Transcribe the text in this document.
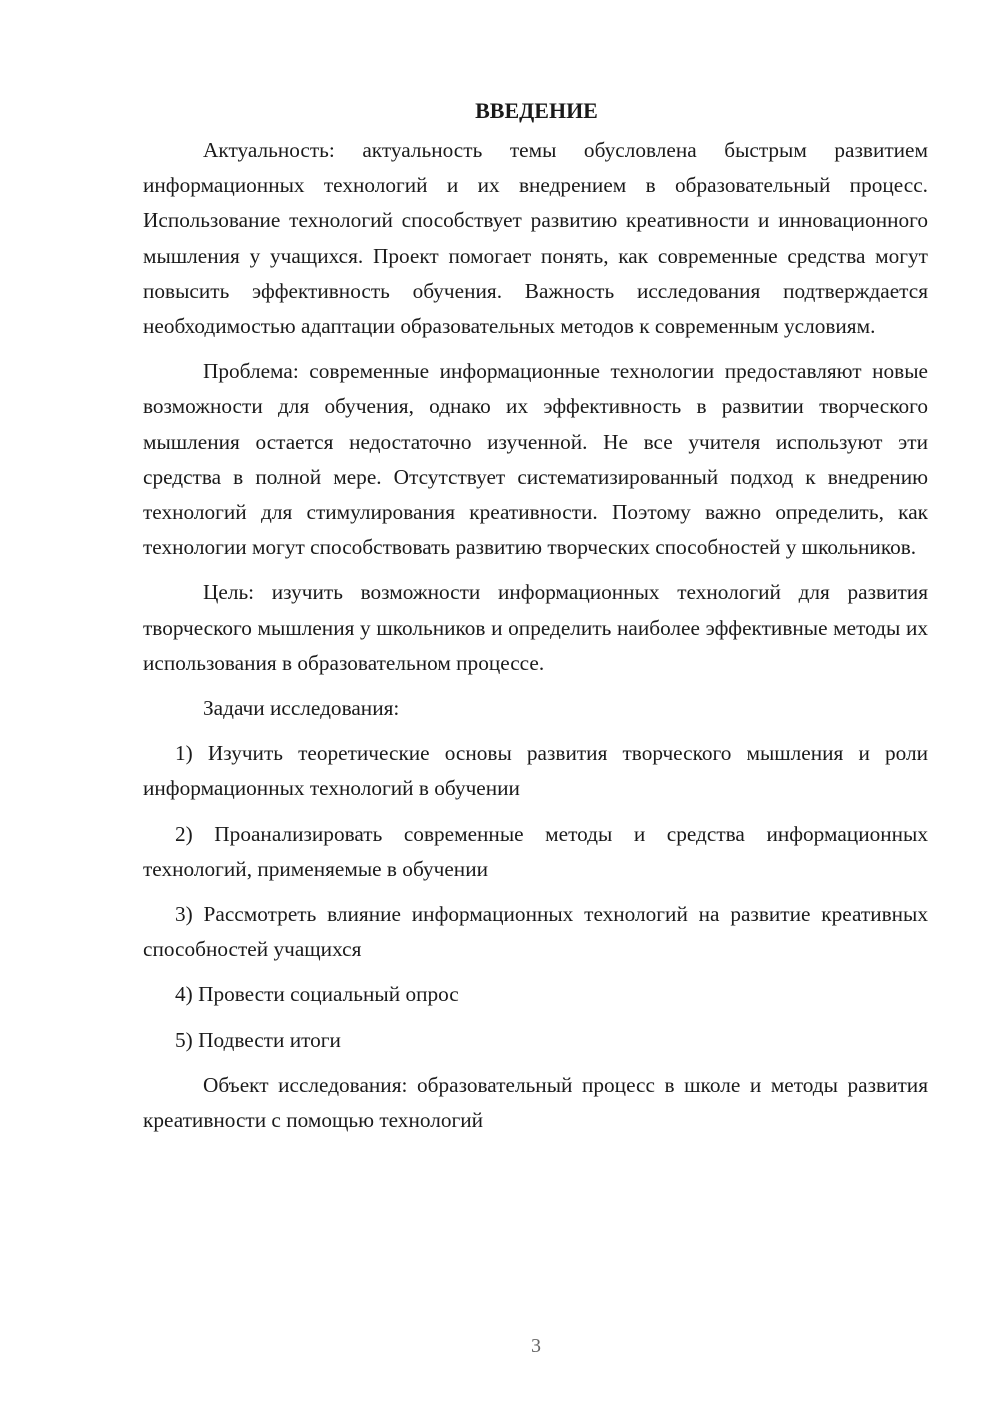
ВВЕДЕНИЕ

Актуальность: актуальность темы обусловлена быстрым развитием информационных технологий и их внедрением в образовательный процесс. Использование технологий способствует развитию креативности и инновационного мышления у учащихся. Проект помогает понять, как современные средства могут повысить эффективность обучения. Важность исследования подтверждается необходимостью адаптации образовательных методов к современным условиям.

Проблема: современные информационные технологии предоставляют новые возможности для обучения, однако их эффективность в развитии творческого мышления остается недостаточно изученной. Не все учителя используют эти средства в полной мере. Отсутствует систематизированный подход к внедрению технологий для стимулирования креативности. Поэтому важно определить, как технологии могут способствовать развитию творческих способностей у школьников.

Цель: изучить возможности информационных технологий для развития творческого мышления у школьников и определить наиболее эффективные методы их использования в образовательном процессе.

Задачи исследования:

1) Изучить теоретические основы развития творческого мышления и роли информационных технологий в обучении

2) Проанализировать современные методы и средства информационных технологий, применяемые в обучении

3) Рассмотреть влияние информационных технологий на развитие креативных способностей учащихся

4) Провести социальный опрос

5) Подвести итоги

Объект исследования: образовательный процесс в школе и методы развития креативности с помощью технологий

3
